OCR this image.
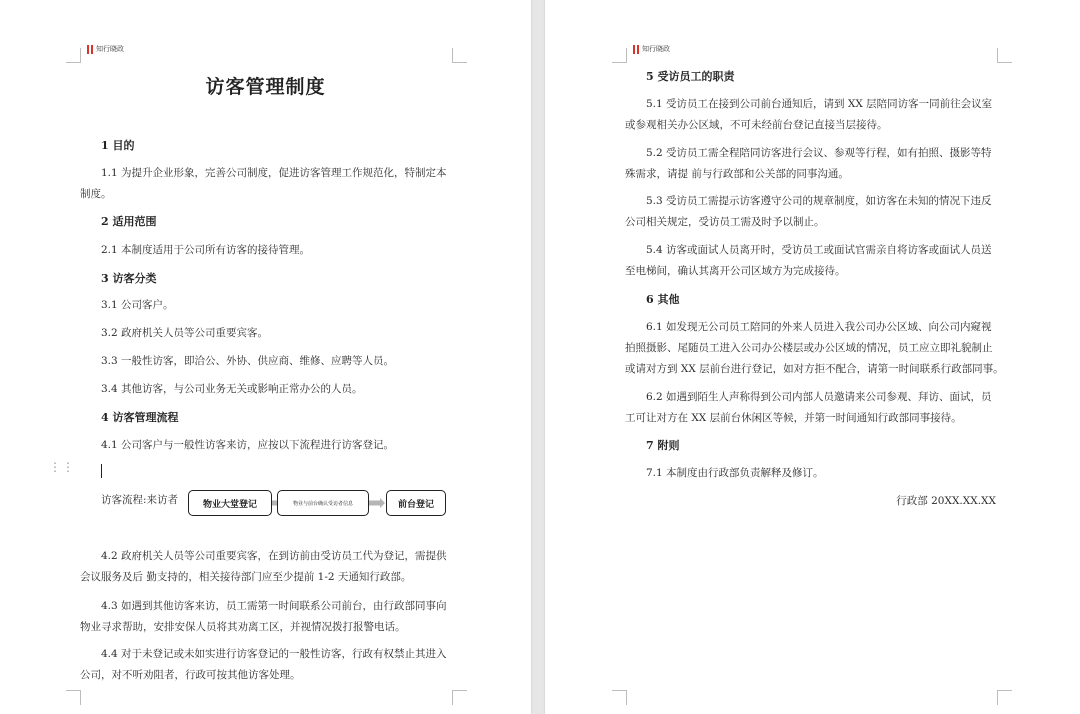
知行晓政
访客管理制度
1 目的
1.1 为提升企业形象，完善公司制度，促进访客管理工作规范化，特制定本
制度。
2 适用范围
2.1 本制度适用于公司所有访客的接待管理。
3 访客分类
3.1 公司客户。
3.2 政府机关人员等公司重要宾客。
3.3 一般性访客，即洽公、外协、供应商、维修、应聘等人员。
3.4 其他访客，与公司业务无关或影响正常办公的人员。
4 访客管理流程
4.1 公司客户与一般性访客来访，应按以下流程进行访客登记。
⋮⋮
访客流程:来访者	物业大堂登记	物业与前台确认受访者信息	前台登记
4.2 政府机关人员等公司重要宾客，在到访前由受访员工代为登记，需提供
会议服务及后 勤支持的，相关接待部门应至少提前 1-2 天通知行政部。
4.3 如遇到其他访客来访，员工需第一时间联系公司前台，由行政部同事向
物业寻求帮助，安排安保人员将其劝离工区，并视情况拨打报警电话。
4.4 对于未登记或未如实进行访客登记的一般性访客，行政有权禁止其进入
公司，对不听劝阻者，行政可按其他访客处理。
知行晓政
5 受访员工的职责
5.1 受访员工在接到公司前台通知后，请到 XX 层陪同访客一同前往会议室
或参观相关办公区域，不可未经前台登记直接当层接待。
5.2 受访员工需全程陪同访客进行会议、参观等行程，如有拍照、摄影等特
殊需求，请提 前与行政部和公关部的同事沟通。
5.3 受访员工需提示访客遵守公司的规章制度，如访客在未知的情况下违反
公司相关规定，受访员工需及时予以制止。
5.4 访客或面试人员离开时，受访员工或面试官需亲自将访客或面试人员送
至电梯间，确认其离开公司区域方为完成接待。
6 其他
6.1 如发现无公司员工陪同的外来人员进入我公司办公区域、向公司内窥视
拍照摄影、尾随员工进入公司办公楼层或办公区域的情况，员工应立即礼貌制止
或请对方到 XX 层前台进行登记，如对方拒不配合，请第一时间联系行政部同事。
6.2 如遇到陌生人声称得到公司内部人员邀请来公司参观、拜访、面试，员
工可让对方在 XX 层前台休闲区等候，并第一时间通知行政部同事接待。
7 附则
7.1 本制度由行政部负责解释及修订。
行政部 20XX.XX.XX
